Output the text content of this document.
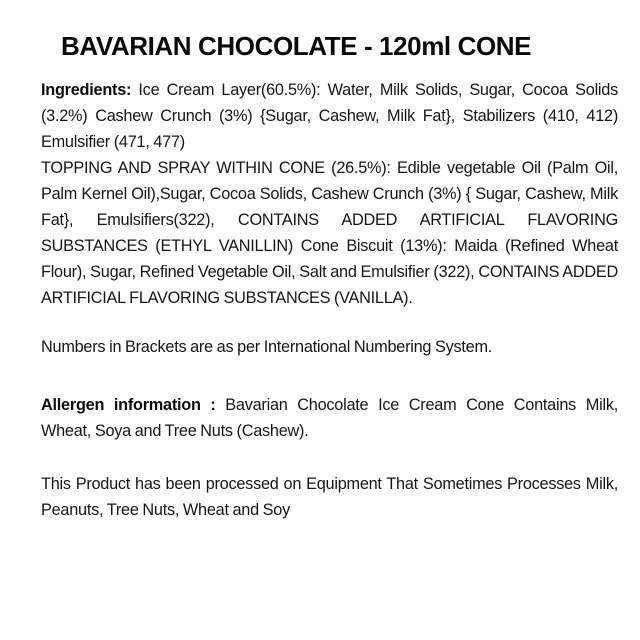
BAVARIAN CHOCOLATE - 120ml CONE

Ingredients: Ice Cream Layer(60.5%): Water, Milk Solids, Sugar, Cocoa Solids (3.2%) Cashew Crunch (3%) {Sugar, Cashew, Milk Fat}, Stabilizers (410, 412) Emulsifier (471, 477)
TOPPING AND SPRAY WITHIN CONE (26.5%): Edible vegetable Oil (Palm Oil, Palm Kernel Oil),Sugar, Cocoa Solids, Cashew Crunch (3%) { Sugar, Cashew, Milk Fat}, Emulsifiers(322), CONTAINS ADDED ARTIFICIAL FLAVORING SUBSTANCES (ETHYL VANILLIN) Cone Biscuit (13%): Maida (Refined Wheat Flour), Sugar, Refined Vegetable Oil, Salt and Emulsifier (322), CONTAINS ADDED ARTIFICIAL FLAVORING SUBSTANCES (VANILLA).

Numbers in Brackets are as per International Numbering System.

Allergen information : Bavarian Chocolate Ice Cream Cone Contains Milk, Wheat, Soya and Tree Nuts (Cashew).

This Product has been processed on Equipment That Sometimes Processes Milk, Peanuts, Tree Nuts, Wheat and Soy
